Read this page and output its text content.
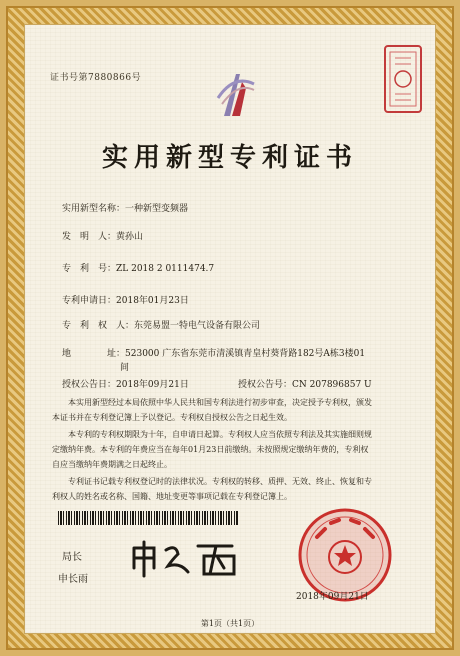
证书号第7880866号
实用新型专利证书
实用新型名称：一种新型变频器
发　明　人：黄孙山
专　利　号：ZL 2018 2 0111474.7
专利申请日：2018年01月23日
专　利　权　人：东莞易盟一特电气设备有限公司
地　　　　址：523000 广东省东莞市清溪镇青皇村葵背路182号A栋3楼01
间
授权公告日：2018年09月21日	授权公告号：CN 207896857 U
本实用新型经过本局依照中华人民共和国专利法进行初步审查，决定授予专利权，颁发
本证书并在专利登记簿上予以登记。专利权自授权公告之日起生效。
本专利的专利权期限为十年，自申请日起算。专利权人应当依照专利法及其实施细则规
定缴纳年费。本专利的年费应当在每年01月23日前缴纳。未按照规定缴纳年费的，专利权
自应当缴纳年费期满之日起终止。
专利证书记载专利权登记时的法律状况。专利权的转移、质押、无效、终止、恢复和专
利权人的姓名或名称、国籍、地址变更等事项记载在专利登记簿上。
局长
申长雨
2018年09月21日
第1页（共1页）
